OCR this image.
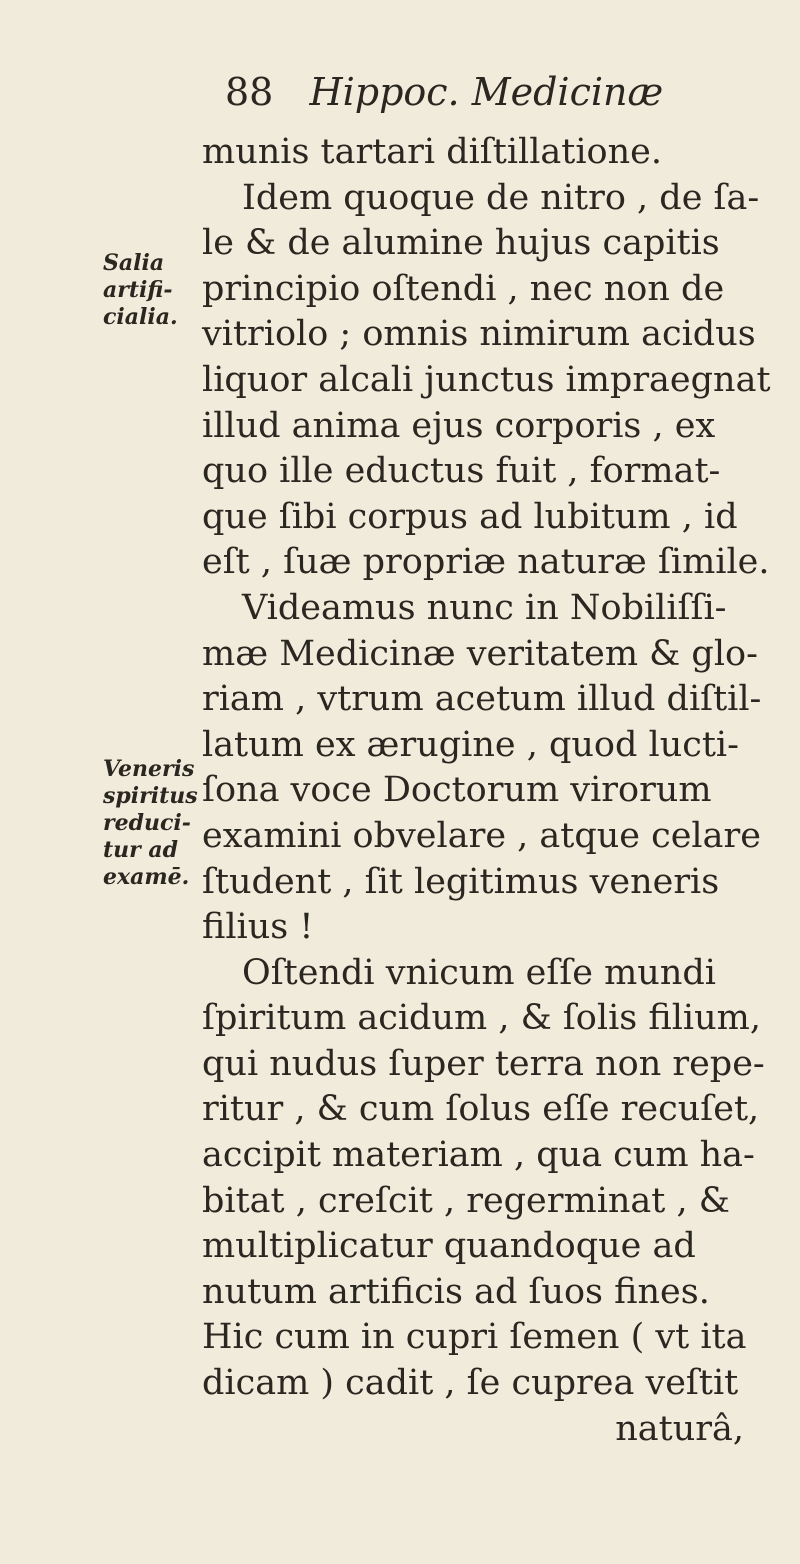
88 Hippoc. Medicinæ
Salia
artifi-
cialia.
Veneris
spiritus
reduci-
tur ad
examē.
munis tartari diſtillatione.
Idem quoque de nitro , de ſa-
le & de alumine hujus capitis
principio oſtendi , nec non de
vitriolo ; omnis nimirum acidus
liquor alcali junctus impraegnat
illud anima ejus corporis , ex
quo ille eductus fuit , format-
que ſibi corpus ad lubitum , id
eſt , ſuæ propriæ naturæ ſimile.
Videamus nunc in Nobiliſſi-
mæ Medicinæ veritatem & glo-
riam , vtrum acetum illud diſtil-
latum ex ærugine , quod lucti-
ſona voce Doctorum virorum
examini obvelare , atque celare
ſtudent , ſit legitimus veneris
filius !
Oſtendi vnicum eſſe mundi
ſpiritum acidum , & ſolis filium,
qui nudus ſuper terra non repe-
ritur , & cum ſolus eſſe recuſet,
accipit materiam , qua cum ha-
bitat , creſcit , regerminat , &
multiplicatur quandoque ad
nutum artificis ad ſuos fines.
Hic cum in cupri ſemen ( vt ita
dicam ) cadit , ſe cuprea veſtit
naturâ,
